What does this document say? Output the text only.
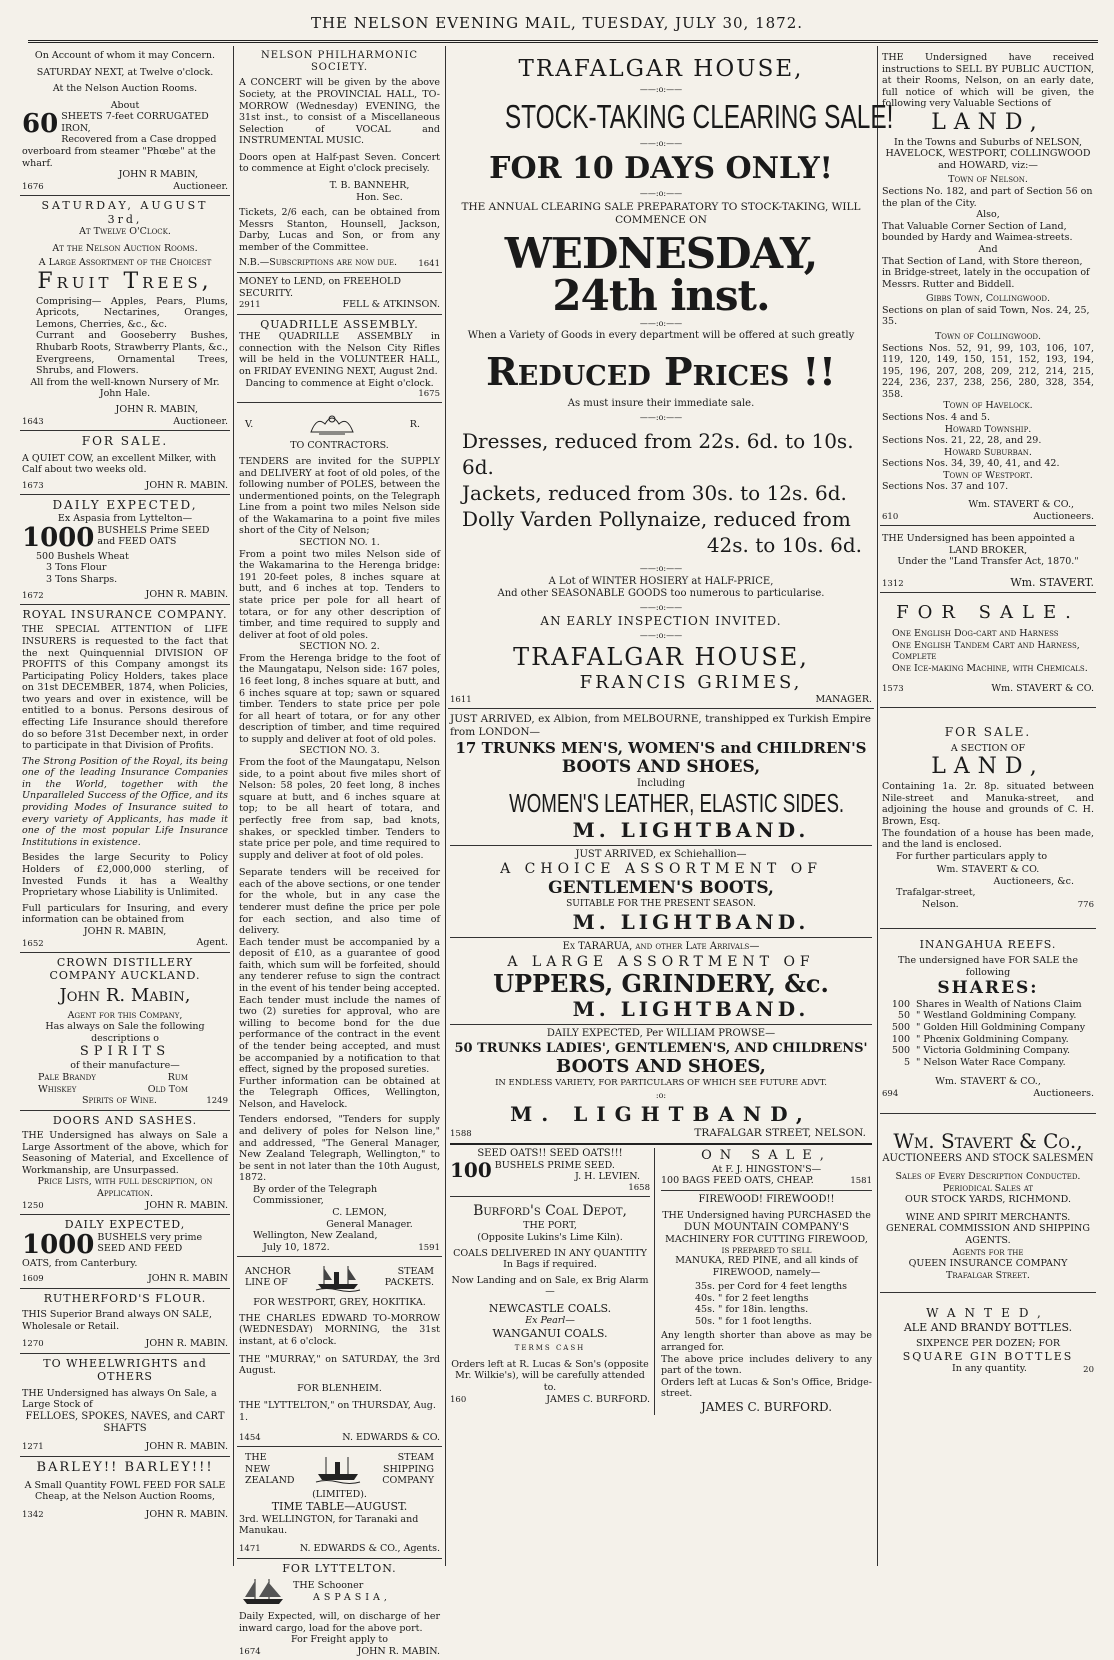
THE NELSON EVENING MAIL, TUESDAY, JULY 30, 1872.
On Account of whom it may Concern.
SATURDAY NEXT, at Twelve o'clock.
At the Nelson Auction Rooms.
About
60 SHEETS 7-feet CORRUGATED IRON,
Recovered from a Case dropped overboard from steamer "Phœbe" at the wharf.
JOHN R MABIN,
1676	Auctioneer.
SATURDAY, AUGUST 3rd,
At Twelve O'Clock.
At the Nelson Auction Rooms.
A Large Assortment of the Choicest
Fruit Trees,
Comprising— Apples, Pears, Plums, Apricots, Nectarines, Oranges, Lemons, Cherries, &c., &c.
Currant and Gooseberry Bushes, Rhubarb Roots, Strawberry Plants, &c., Evergreens, Ornamental Trees, Shrubs, and Flowers.
All from the well-known Nursery of Mr. John Hale.
JOHN R. MABIN,
1643	Auctioneer.
FOR SALE.
A QUIET COW, an excellent Milker, with Calf about two weeks old.
1673	JOHN R. MABIN.
DAILY EXPECTED,
Ex Aspasia from Lyttelton—
1000 BUSHELS Prime SEED and FEED OATS
500 Bushels Wheat
3 Tons Flour
3 Tons Sharps.
1672	JOHN R. MABIN.
ROYAL INSURANCE COMPANY.
THE SPECIAL ATTENTION of LIFE INSURERS is requested to the fact that the next Quinquennial DIVISION OF PROFITS of this Company amongst its Participating Policy Holders, takes place on 31st DECEMBER, 1874, when Policies, two years and over in existence, will be entitled to a bonus. Persons desirous of effecting Life Insurance should therefore do so before 31st December next, in order to participate in that Division of Profits.
The Strong Position of the Royal, its being one of the leading Insurance Companies in the World, together with the Unparalleled Success of the Office, and its providing Modes of Insurance suited to every variety of Applicants, has made it one of the most popular Life Insurance Institutions in existence.
Besides the large Security to Policy Holders of £2,000,000 sterling, of Invested Funds it has a Wealthy Proprietary whose Liability is Unlimited.
Full particulars for Insuring, and every information can be obtained from
JOHN R. MABIN,
1652	Agent.
CROWN DISTILLERY COMPANY AUCKLAND.
John R. Mabin,
Agent for this Company,
Has always on Sale the following descriptions o
SPIRITS
of their manufacture—
Pale Brandy	Rum
Whiskey	Old Tom
Spirits of Wine.	1249
DOORS AND SASHES.
THE Undersigned has always on Sale a Large Assortment of the above, which for Seasoning of Material, and Excellence of Workmanship, are Unsurpassed.
Price Lists, with full description, on Application.
1250	JOHN R. MABIN.
DAILY EXPECTED,
1000 BUSHELS very prime SEED AND FEED
OATS, from Canterbury.
1609	JOHN R. MABIN
RUTHERFORD'S FLOUR.
THIS Superior Brand always ON SALE, Wholesale or Retail.
1270	JOHN R. MABIN.
TO WHEELWRIGHTS and OTHERS
THE Undersigned has always On Sale, a Large Stock of
FELLOES, SPOKES, NAVES, and CART SHAFTS
1271	JOHN R. MABIN.
BARLEY!! BARLEY!!!
A Small Quantity FOWL FEED FOR SALE Cheap, at the Nelson Auction Rooms,
1342	JOHN R. MABIN.
NELSON PHILHARMONIC SOCIETY.
A CONCERT will be given by the above Society, at the PROVINCIAL HALL, TO-MORROW (Wednesday) EVENING, the 31st inst., to consist of a Miscellaneous Selection of VOCAL and INSTRUMENTAL MUSIC.
Doors open at Half-past Seven. Concert to commence at Eight o'clock precisely.
T. B. BANNEHR,
Hon. Sec.
Tickets, 2/6 each, can be obtained from Messrs Stanton, Hounsell, Jackson, Darby, Lucas and Son, or from any member of the Committee.
N.B.—Subscriptions are now due.	1641
MONEY to LEND, on FREEHOLD SECURITY.
2911	FELL & ATKINSON.
QUADRILLE ASSEMBLY.
THE QUADRILLE ASSEMBLY in connection with the Nelson City Rifles will be held in the VOLUNTEER HALL, on FRIDAY EVENING NEXT, August 2nd.
Dancing to commence at Eight o'clock.
1675
V.	R.
TO CONTRACTORS.
TENDERS are invited for the SUPPLY and DELIVERY at foot of old poles, of the following number of POLES, between the undermentioned points, on the Telegraph Line from a point two miles Nelson side of the Wakamarina to a point five miles short of the City of Nelson;
SECTION NO. 1.
From a point two miles Nelson side of the Wakamarina to the Herenga bridge: 191 20-feet poles, 8 inches square at butt, and 6 inches at top. Tenders to state price per pole for all heart of totara, or for any other description of timber, and time required to supply and deliver at foot of old poles.
SECTION NO. 2.
From the Herenga bridge to the foot of the Maungatapu, Nelson side: 167 poles, 16 feet long, 8 inches square at butt, and 6 inches square at top; sawn or squared timber. Tenders to state price per pole for all heart of totara, or for any other description of timber, and time required to supply and deliver at foot of old poles.
SECTION NO. 3.
From the foot of the Maungatapu, Nelson side, to a point about five miles short of Nelson: 58 poles, 20 feet long, 8 inches square at butt, and 6 inches square at top; to be all heart of totara, and perfectly free from sap, bad knots, shakes, or speckled timber. Tenders to state price per pole, and time required to supply and deliver at foot of old poles.
Separate tenders will be received for each of the above sections, or one tender for the whole, but in any case the tenderer must define the price per pole for each section, and also time of delivery.
Each tender must be accompanied by a deposit of £10, as a guarantee of good faith, which sum will be forfeited, should any tenderer refuse to sign the contract in the event of his tender being accepted.
Each tender must include the names of two (2) sureties for approval, who are willing to become bond for the due performance of the contract in the event of the tender being accepted, and must be accompanied by a notification to that effect, signed by the proposed sureties.
Further information can be obtained at the Telegraph Offices, Wellington, Nelson, and Havelock.
Tenders endorsed, "Tenders for supply and delivery of poles for Nelson line," and addressed, "The General Manager, New Zealand Telegraph, Wellington," to be sent in not later than the 10th August, 1872.
By order of the Telegraph Commissioner,
C. LEMON,
General Manager.
Wellington, New Zealand,
July 10, 1872.	1591
ANCHOR
LINE OF
STEAM
PACKETS.
FOR WESTPORT, GREY, HOKITIKA.
THE CHARLES EDWARD TO-MORROW (WEDNESDAY) MORNING, the 31st instant, at 6 o'clock.
THE "MURRAY," on SATURDAY, the 3rd August.
FOR BLENHEIM.
THE "LYTTELTON," on THURSDAY, Aug. 1.
1454	N. EDWARDS & CO.
THE
NEW
ZEALAND
STEAM
SHIPPING
COMPANY
(LIMITED).
TIME TABLE—AUGUST.
3rd. WELLINGTON, for Taranaki and Manukau.
1471	N. EDWARDS & CO., Agents.
FOR LYTTELTON.
THE Schooner
ASPASIA,
Daily Expected, will, on discharge of her inward cargo, load for the above port.
For Freight apply to
1674	JOHN R. MABIN.
TRAFALGAR HOUSE,
——:o:——
STOCK-TAKING CLEARING SALE!
——:o:——
FOR 10 DAYS ONLY!
——:o:——
THE ANNUAL CLEARING SALE PREPARATORY TO STOCK-TAKING, WILL COMMENCE ON
WEDNESDAY, 24th inst.
——:o:——
When a Variety of Goods in every department will be offered at such greatly
Reduced Prices !!
As must insure their immediate sale.
——:o:——
Dresses, reduced from 22s. 6d. to 10s. 6d.
Jackets, reduced from 30s. to 12s. 6d.
Dolly Varden Pollynaize, reduced from
42s. to 10s. 6d.
——:o:——
A Lot of WINTER HOSIERY at HALF-PRICE,
And other SEASONABLE GOODS too numerous to particularise.
——:o:——
AN EARLY INSPECTION INVITED.
——:o:——
TRAFALGAR HOUSE,
FRANCIS GRIMES,
1611	MANAGER.
JUST ARRIVED, ex Albion, from MELBOURNE, transhipped ex Turkish Empire from LONDON—
17 TRUNKS MEN'S, WOMEN'S and CHILDREN'S
BOOTS AND SHOES,
Including
WOMEN'S LEATHER, ELASTIC SIDES.
M. LIGHTBAND.
JUST ARRIVED, ex Schiehallion—
A CHOICE ASSORTMENT OF
GENTLEMEN'S BOOTS,
SUITABLE FOR THE PRESENT SEASON.
M. LIGHTBAND.
Ex TARARUA, and other Late Arrivals—
A LARGE ASSORTMENT OF
UPPERS, GRINDERY, &c.
M. LIGHTBAND.
DAILY EXPECTED, Per WILLIAM PROWSE—
50 TRUNKS LADIES', GENTLEMEN'S, AND CHILDRENS'
BOOTS AND SHOES,
IN ENDLESS VARIETY, FOR PARTICULARS OF WHICH SEE FUTURE ADVT.
:o:
M. LIGHTBAND,
1588	TRAFALGAR STREET, NELSON.
SEED OATS!! SEED OATS!!!
100 BUSHELS PRIME SEED.
J. H. LEVIEN.
1658
Burford's Coal Depot,
THE PORT,
(Opposite Lukins's Lime Kiln).
COALS DELIVERED IN ANY QUANTITY
In Bags if required.
Now Landing and on Sale, ex Brig Alarm—
NEWCASTLE COALS.
Ex Pearl—
WANGANUI COALS.
TERMS CASH
Orders left at R. Lucas & Son's (opposite Mr. Wilkie's), will be carefully attended to.
160	JAMES C. BURFORD.
ON SALE,
At F. J. HINGSTON'S—
100 BAGS FEED OATS, CHEAP.	1581
FIREWOOD! FIREWOOD!!
THE Undersigned having PURCHASED the
DUN MOUNTAIN COMPANY'S
MACHINERY FOR CUTTING FIREWOOD,
IS PREPARED TO SELL
MANUKA, RED PINE, and all kinds of FIREWOOD, namely—
35s. per Cord for 4 feet lengths
40s. " for 2 feet lengths
45s. " for 18in. lengths.
50s. " for 1 foot lengths.
Any length shorter than above as may be arranged for.
The above price includes delivery to any part of the town.
Orders left at Lucas & Son's Office, Bridge-street.
JAMES C. BURFORD.
THE Undersigned have received instructions to SELL BY PUBLIC AUCTION, at their Rooms, Nelson, on an early date, full notice of which will be given, the following very Valuable Sections of
LAND,
In the Towns and Suburbs of NELSON, HAVELOCK, WESTPORT, COLLINGWOOD and HOWARD, viz:—
Town of Nelson.
Sections No. 182, and part of Section 56 on the plan of the City.
Also,
That Valuable Corner Section of Land, bounded by Hardy and Waimea-streets.
And
That Section of Land, with Store thereon, in Bridge-street, lately in the occupation of Messrs. Rutter and Biddell.
Gibbs Town, Collingwood.
Sections on plan of said Town, Nos. 24, 25, 35.
Town of Collingwood.
Sections Nos. 52, 91, 99, 103, 106, 107, 119, 120, 149, 150, 151, 152, 193, 194, 195, 196, 207, 208, 209, 212, 214, 215, 224, 236, 237, 238, 256, 280, 328, 354, 358.
Town of Havelock.
Sections Nos. 4 and 5.
Howard Township.
Sections Nos. 21, 22, 28, and 29.
Howard Suburban.
Sections Nos. 34, 39, 40, 41, and 42.
Town of Westport.
Sections Nos. 37 and 107.
Wm. STAVERT & CO.,
610	Auctioneers.
THE Undersigned has been appointed a
LAND BROKER,
Under the "Land Transfer Act, 1870."
1312	Wm. STAVERT.
FOR SALE.
One English Dog-cart and Harness
One English Tandem Cart and Harness, Complete
One Ice-making Machine, with Chemicals.
1573	Wm. STAVERT & CO.
FOR SALE.
A SECTION OF
LAND,
Containing 1a. 2r. 8p. situated between Nile-street and Manuka-street, and adjoining the house and grounds of C. H. Brown, Esq.
The foundation of a house has been made, and the land is enclosed.
For further particulars apply to
Wm. STAVERT & CO.
Auctioneers, &c.
Trafalgar-street,
Nelson.	776
INANGAHUA REEFS.
The undersigned have FOR SALE the following
SHARES:
100 Shares in Wealth of Nations Claim
50 " Westland Goldmining Company.
500 " Golden Hill Goldmining Company
100 " Phœnix Goldmining Company.
500 " Victoria Goldmining Company.
5 " Nelson Water Race Company.
Wm. STAVERT & CO.,
694	Auctioneers.
Wm. Stavert & Co.,
AUCTIONEERS AND STOCK SALESMEN
Sales of Every Description Conducted.
Periodical Sales at
OUR STOCK YARDS, RICHMOND.
WINE AND SPIRIT MERCHANTS.
GENERAL COMMISSION AND SHIPPING AGENTS.
Agents for the
QUEEN INSURANCE COMPANY
Trafalgar Street.
WANTED,
ALE AND BRANDY BOTTLES.
SIXPENCE PER DOZEN; FOR
SQUARE GIN BOTTLES
In any quantity.	20
